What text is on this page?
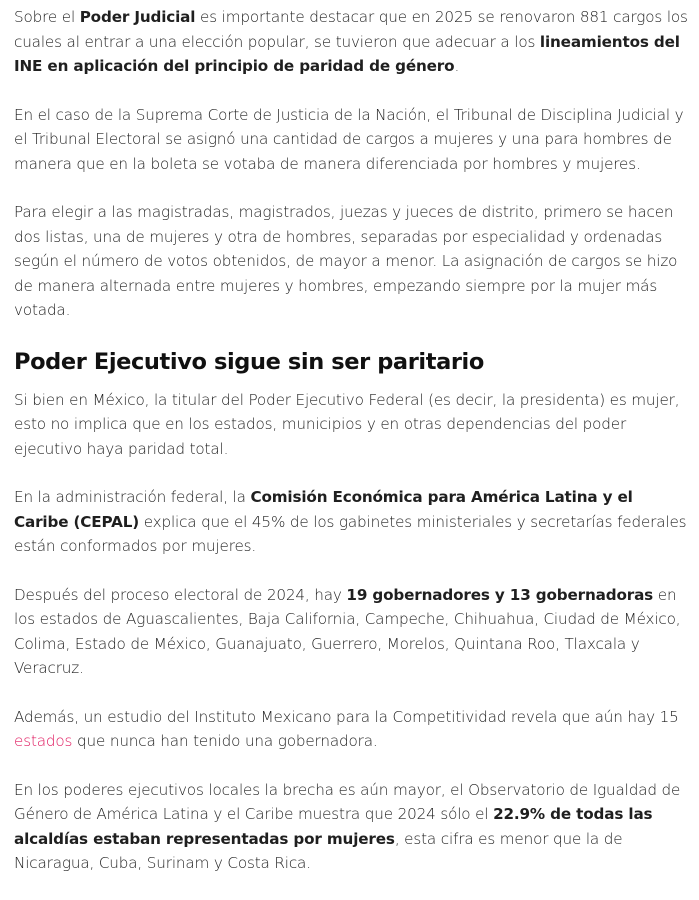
Sobre el Poder Judicial es importante destacar que en 2025 se renovaron 881 cargos los cuales al entrar a una elección popular, se tuvieron que adecuar a los lineamientos del INE en aplicación del principio de paridad de género.

En el caso de la Suprema Corte de Justicia de la Nación, el Tribunal de Disciplina Judicial y el Tribunal Electoral se asignó una cantidad de cargos a mujeres y una para hombres de manera que en la boleta se votaba de manera diferenciada por hombres y mujeres.

Para elegir a las magistradas, magistrados, juezas y jueces de distrito, primero se hacen dos listas, una de mujeres y otra de hombres, separadas por especialidad y ordenadas según el número de votos obtenidos, de mayor a menor. La asignación de cargos se hizo de manera alternada entre mujeres y hombres, empezando siempre por la mujer más votada.

Poder Ejecutivo sigue sin ser paritario

Si bien en México, la titular del Poder Ejecutivo Federal (es decir, la presidenta) es mujer, esto no implica que en los estados, municipios y en otras dependencias del poder ejecutivo haya paridad total.

En la administración federal, la Comisión Económica para América Latina y el Caribe (CEPAL) explica que el 45% de los gabinetes ministeriales y secretarías federales están conformados por mujeres.

Después del proceso electoral de 2024, hay 19 gobernadores y 13 gobernadoras en los estados de Aguascalientes, Baja California, Campeche, Chihuahua, Ciudad de México, Colima, Estado de México, Guanajuato, Guerrero, Morelos, Quintana Roo, Tlaxcala y Veracruz.

Además, un estudio del Instituto Mexicano para la Competitividad revela que aún hay 15 estados que nunca han tenido una gobernadora.

En los poderes ejecutivos locales la brecha es aún mayor, el Observatorio de Igualdad de Género de América Latina y el Caribe muestra que 2024 sólo el 22.9% de todas las alcaldías estaban representadas por mujeres, esta cifra es menor que la de Nicaragua, Cuba, Surinam y Costa Rica.
